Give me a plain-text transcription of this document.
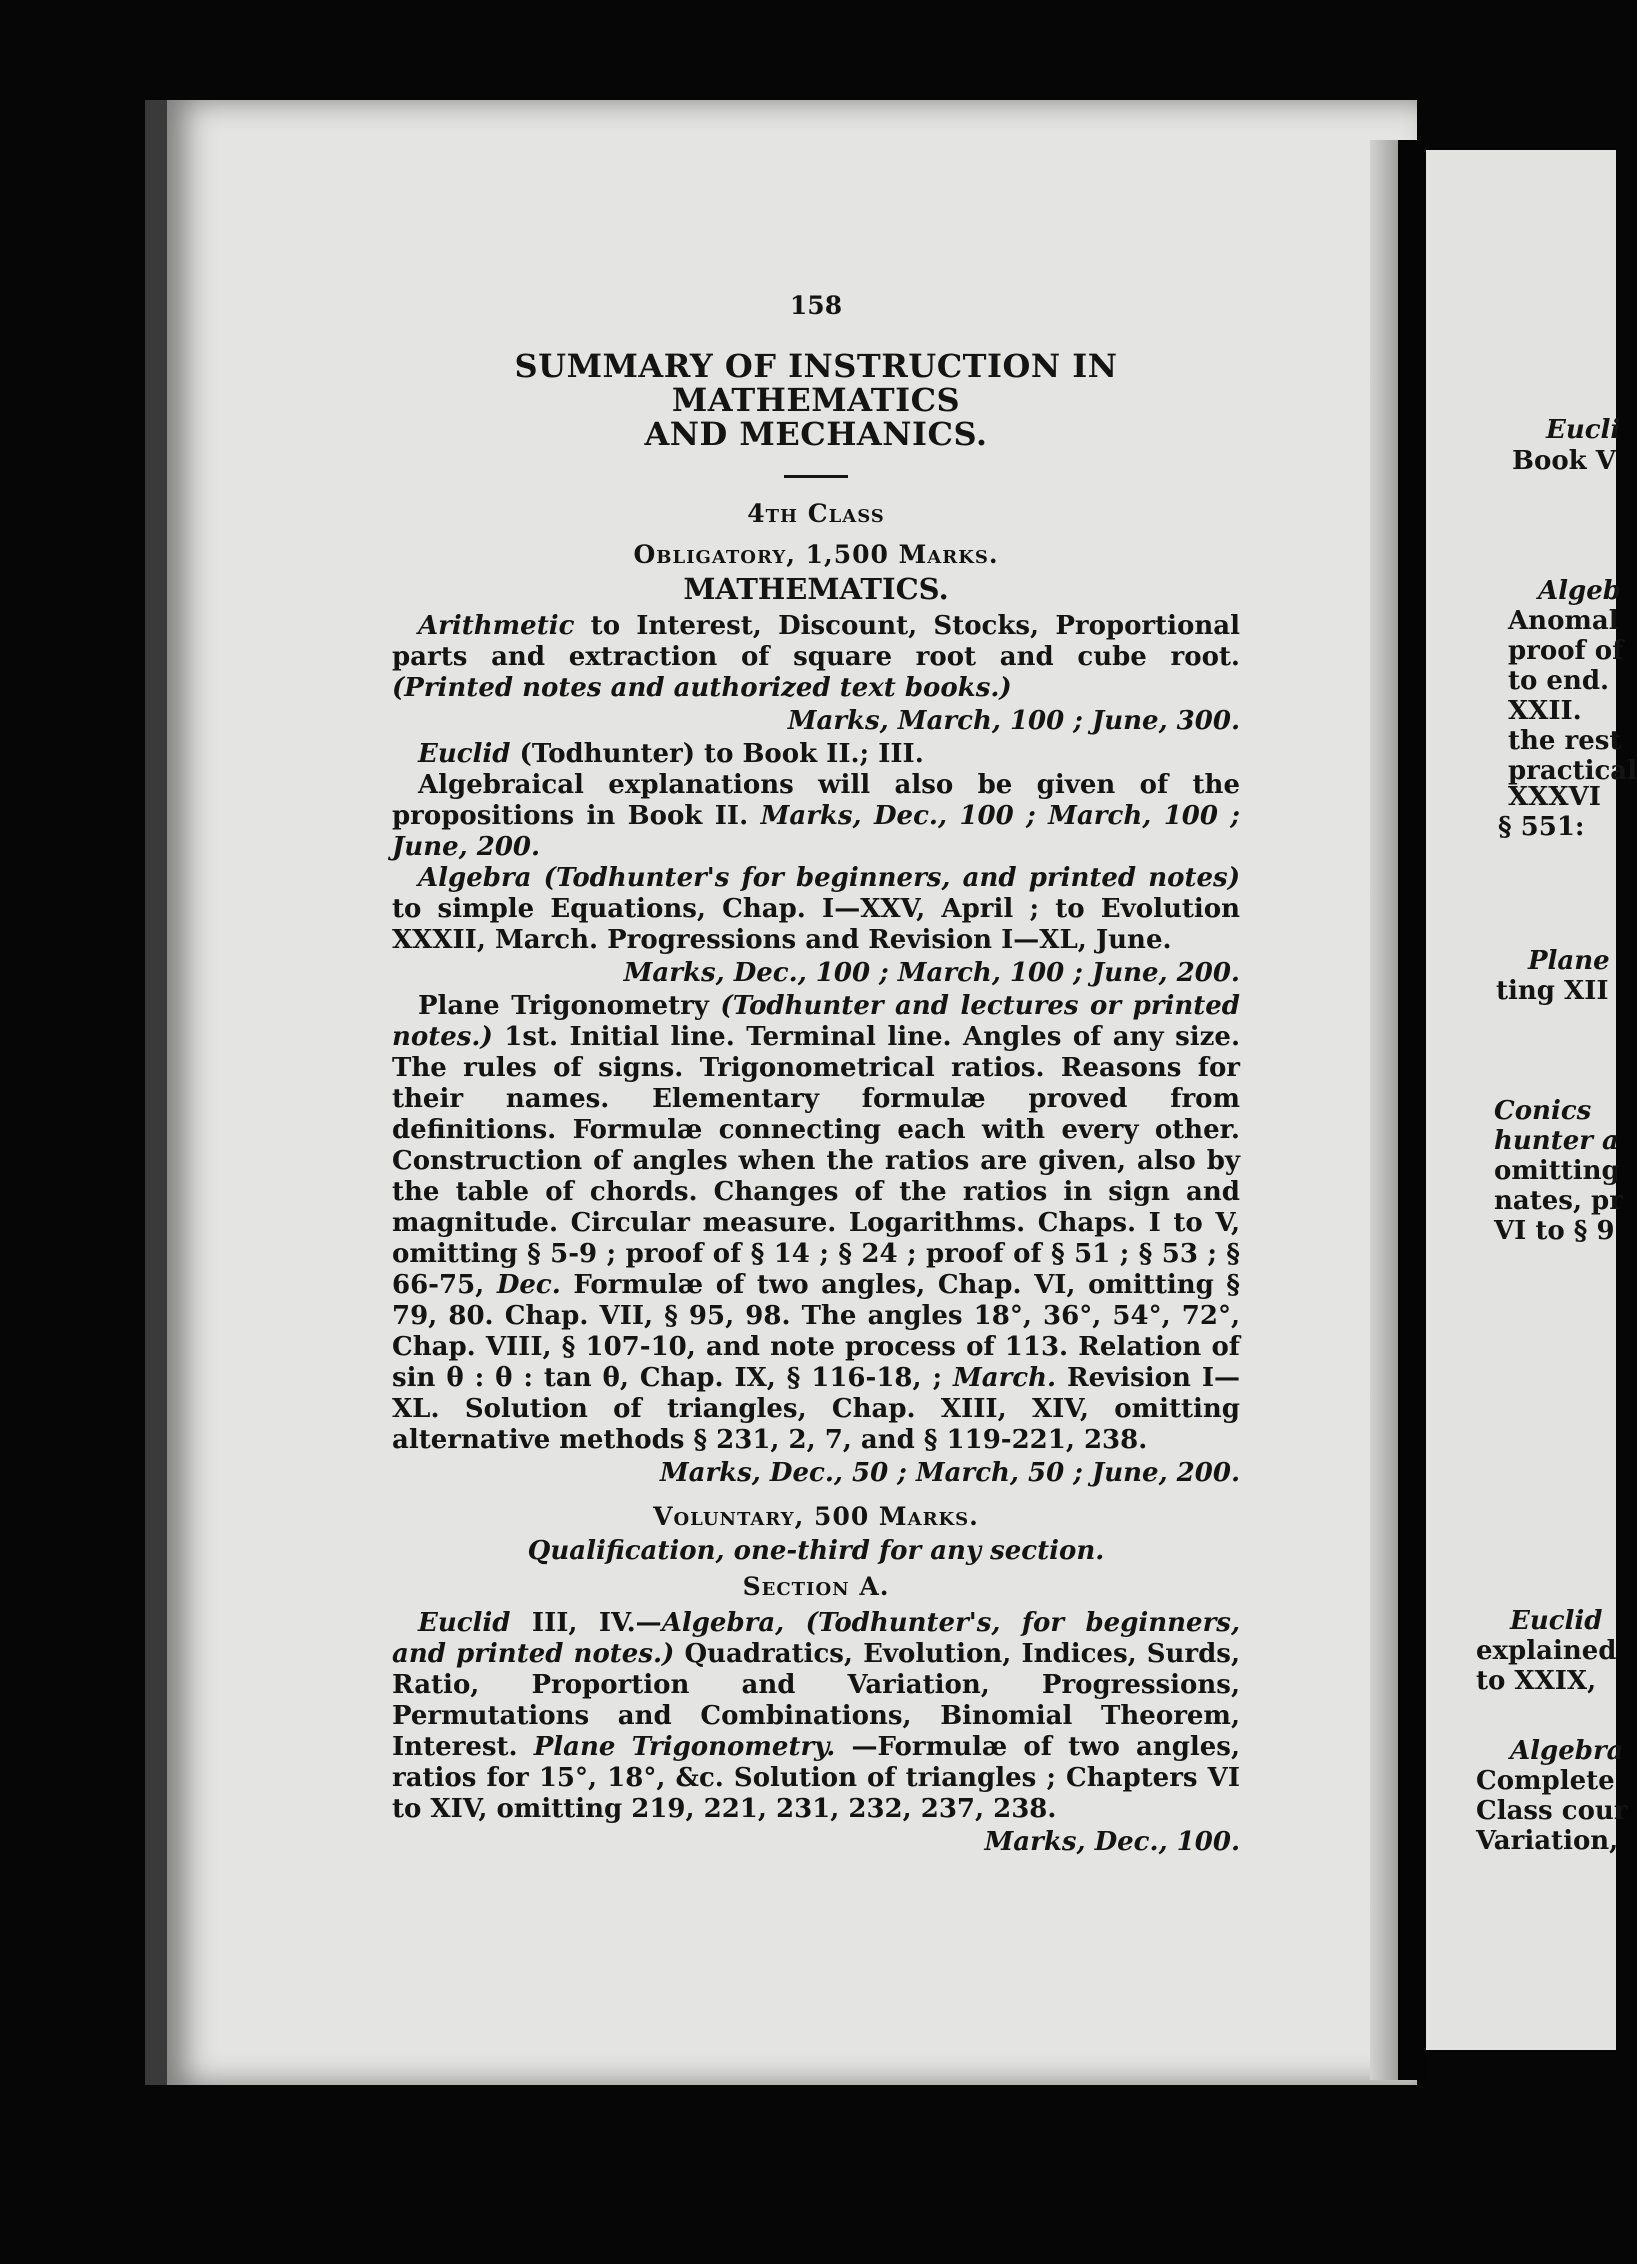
Eucli
Book V
Algeb
Anomal
proof of
to end.
XXII.
the rest
practical
XXXVI
§ 551:
Plane
ting XII
Conics
hunter a
omitting
nates, pr
VI to § 9
Euclid
explained
to XXIX,
Algebra
Complete
Class cour
Variation,
158
SUMMARY OF INSTRUCTION IN MATHEMATICS
AND MECHANICS.
4th Class
Obligatory, 1,500 Marks.
MATHEMATICS.

Arithmetic to Interest, Discount, Stocks, Proportional parts and extraction of square root and cube root. (Printed notes and authorized text books.)

Marks, March, 100 ; June, 300.

Euclid (Todhunter) to Book II.; III.

Algebraical explanations will also be given of the propositions in Book II. Marks, Dec., 100 ; March, 100 ; June, 200.

Algebra (Todhunter's for beginners, and printed notes) to simple Equations, Chap. I—XXV, April ; to Evolution XXXII, March. Progressions and Revision I—XL, June.

Marks, Dec., 100 ; March, 100 ; June, 200.

Plane Trigonometry (Todhunter and lectures or printed notes.) 1st. Initial line. Terminal line. Angles of any size. The rules of signs. Trigonometrical ratios. Reasons for their names. Elementary formulæ proved from definitions. Formulæ connecting each with every other. Construction of angles when the ratios are given, also by the table of chords. Changes of the ratios in sign and magnitude. Circular measure. Logarithms. Chaps. I to V, omitting § 5-9 ; proof of § 14 ; § 24 ; proof of § 51 ; § 53 ; § 66-75, Dec. Formulæ of two angles, Chap. VI, omitting § 79, 80. Chap. VII, § 95, 98. The angles 18°, 36°, 54°, 72°, Chap. VIII, § 107-10, and note process of 113. Relation of sin θ : θ : tan θ, Chap. IX, § 116-18, ; March. Revision I—XL. Solution of triangles, Chap. XIII, XIV, omitting alternative methods § 231, 2, 7, and § 119-221, 238.

Marks, Dec., 50 ; March, 50 ; June, 200.
Voluntary, 500 Marks.
Qualification, one-third for any section.
Section A.

Euclid III, IV.—Algebra, (Todhunter's, for beginners, and printed notes.) Quadratics, Evolution, Indices, Surds, Ratio, Proportion and Variation, Progressions, Permutations and Combinations, Binomial Theorem, Interest. Plane Trigonometry. —Formulæ of two angles, ratios for 15°, 18°, &c. Solution of triangles ; Chapters VI to XIV, omitting 219, 221, 231, 232, 237, 238.

Marks, Dec., 100.
